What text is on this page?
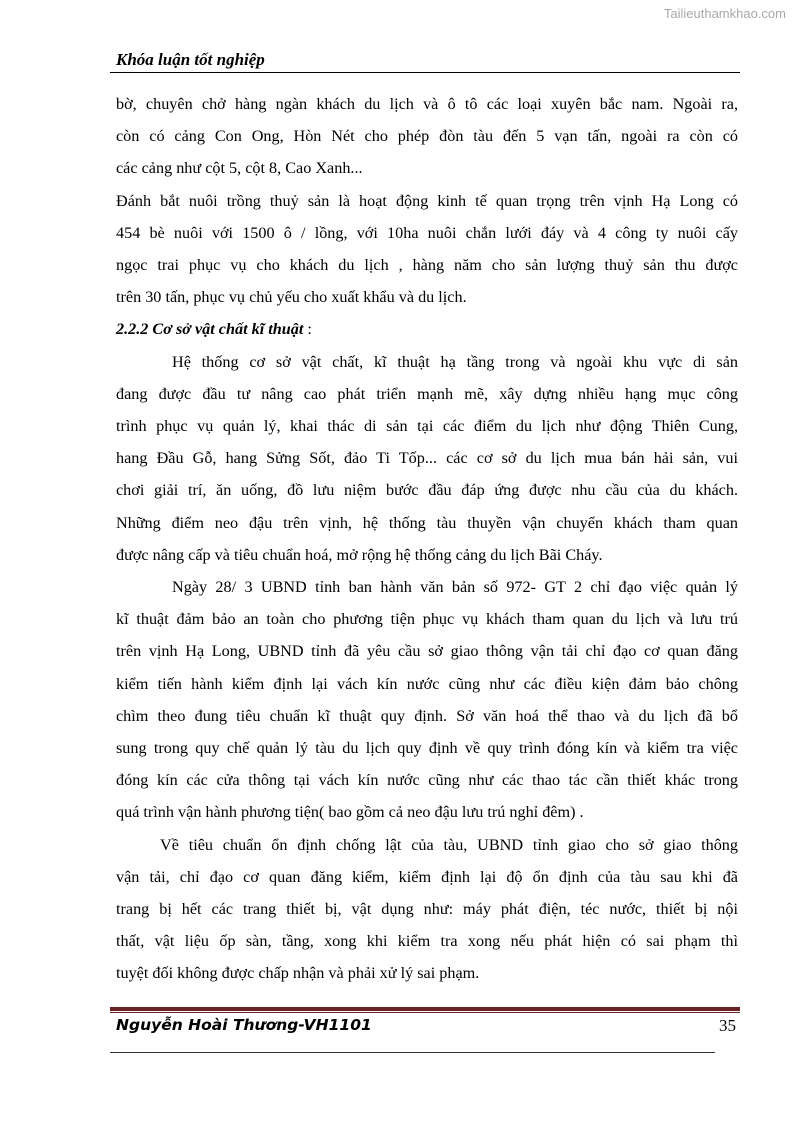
Tailieuthamkhao.com
Khóa luận tốt nghiệp
bờ, chuyên chở hàng ngàn khách du lịch và ô tô các loại xuyên bắc nam. Ngoài ra,
còn có cảng Con Ong, Hòn Nét cho phép đòn tàu đến 5 vạn tấn, ngoài ra còn có
các cảng như cột 5, cột 8, Cao Xanh...
Đánh bắt nuôi trồng thuỷ sản là hoạt động kinh tế quan trọng trên vịnh Hạ Long có
454 bè nuôi với 1500 ô / lồng, với 10ha nuôi chắn lưới đáy và 4 công ty nuôi cấy
ngọc trai phục vụ cho khách du lịch , hàng năm cho sản lượng thuỷ sản thu được
trên 30 tấn, phục vụ chủ yếu cho xuất khẩu và du lịch.
2.2.2 Cơ sở vật chất kĩ thuật :
Hệ thống cơ sở vật chất, kĩ thuật hạ tầng trong và ngoài khu vực di sản
đang được đầu tư nâng cao phát triển mạnh mẽ, xây dựng nhiều hạng mục công
trình phục vụ quản lý, khai thác di sản tại các điểm du lịch như động Thiên Cung,
hang Đầu Gỗ, hang Sửng Sốt, đảo Ti Tốp... các cơ sở du lịch mua bán hải sản, vui
chơi giải trí, ăn uống, đồ lưu niệm bước đầu đáp ứng được nhu cầu của du khách.
Những điểm neo đậu trên vịnh, hệ thống tàu thuyền vận chuyển khách tham quan
được nâng cấp và tiêu chuẩn hoá, mở rộng hệ thống cảng du lịch Bãi Cháy.
Ngày 28/ 3 UBND tỉnh ban hành văn bản số 972- GT 2 chỉ đạo việc quản lý
kĩ thuật đảm bảo an toàn cho phương tiện phục vụ khách tham quan du lịch và lưu trú
trên vịnh Hạ Long, UBND tỉnh đã yêu cầu sở giao thông vận tải chỉ đạo cơ quan đăng
kiểm tiến hành kiểm định lại vách kín nước cũng như các điều kiện đảm bảo chông
chìm theo đung tiêu chuẩn kĩ thuật quy định. Sở văn hoá thể thao và du lịch đã bổ
sung trong quy chế quản lý tàu du lịch quy định về quy trình đóng kín và kiểm tra việc
đóng kín các cửa thông tại vách kín nước cũng như các thao tác cần thiết khác trong
quá trình vận hành phương tiện( bao gồm cả neo đậu lưu trú nghỉ đêm) .
Về tiêu chuẩn ổn định chống lật của tàu, UBND tỉnh giao cho sở giao thông
vận tải, chỉ đạo cơ quan đăng kiểm, kiểm định lại độ ổn định của tàu sau khi đã
trang bị hết các trang thiết bị, vật dụng như: máy phát điện, téc nước, thiết bị nội
thất, vật liệu ốp sàn, tầng, xong khi kiểm tra xong nếu phát hiện có sai phạm thì
tuyệt đối không được chấp nhận và phải xử lý sai phạm.
Nguyễn Hoài Thương-VH1101	35
